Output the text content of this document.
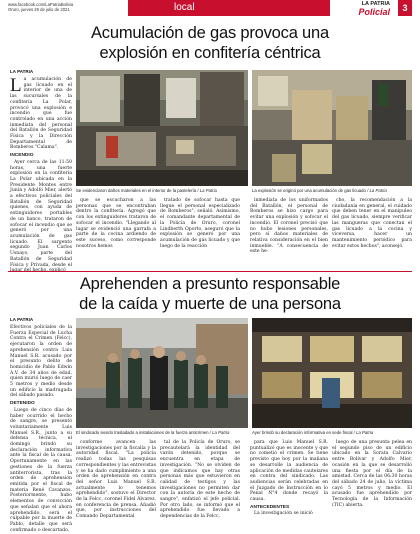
www.facebook.com/LaPatriaBolivia
Oruro, jueves 29 de julio de 2021	local	LA PATRIA
Policial	3
Acumulación de gas provoca una
explosión en confitería céntrica
LA PATRIA

La acumulación de gas licuado en el interior de una de las sucursales de la confitería La Polar, provocó una explosión e incendio que fue controlado en una acción inmediata del personal del Batallón de Seguridad Física y la Dirección Departamental de Bomberos "Calama".

INCENDIO

Ayer cerca de las 11:50 horas, una fuerte explosión en la confitería La Polar ubicada en la Presidente Montes entre Junín y Adolfo Mier, alertó a efectivos policiales del Batallón de Seguridad quienes, con ayuda de extinguidores portables de un banco, trataron de sofocar el incendio que se generó por una acumulación de gas licuado. El sargento segundo Juan Carlos Usnayo, parte del Batallón de Seguridad Física y Privada, desde el

Se evidenciaron daños materiales en el interior de la pastelería / La Patria	La explosión se originó por una acumulación de gas licuado / La Patria

que se escucharon a las personas que se encontraban dentro la confitería. Agregó que con los extinguidores trataron de sofocar el incendio. "Llegando al lugar se evidenció una garrafa a parte de la cocina ardiendo de este suceso, como corresponde nosotros hemos

tratado de sofocar hasta que llegue el personal especializado de Bomberos", señaló. Asimismo, el comandante departamental de la Policía de Oruro, coronel Lindberth Oporto, aseguró que la explosión se generó por una acumulación de gas licuado y que luego de la reacción

inmediata de los uniformados del Batallón, el personal de Bomberos se hizo cargo para evitar una explosión y sofocar el incendio. El coronel precisó que no hubo lesiones personales, pero sí daños materiales de relativa consideración en el bien inmueble. "A consecuencia de este he-

cho, la recomendación a la ciudadanía en general, el cuidado que deben tener en el manipuleo del gas licuado, siempre verificar las mangueras que conectan el gas licuado a la cocina y viceversa, hacer un mantenimiento periódico para evitar estos hechos", aconsejó.

Aprehenden a presunto responsable
de la caída y muerte de una persona
LA PATRIA

Efectivos policiales de la Fuerza Especial de Lucha Contra el Crimen (Felcc), ejecutaron la orden de aprehensión contra Luis Manuel S.R. acusado por el presunto delito de homicidio de Pablo Edwin A.V. de 34 años de edad, quien murió luego de caer 5 metros y medio desde un edificio la madrugada del sábado pasado.

DETENIDO

Luego de cinco días de haber ocurrido el hecho de sangre, se presentó voluntariamente Luis Manuel S.R., junto a su defensa técnica, el domingo brindó su declaración informativa ante la fiscal de la causa. Oportunamente en las gestiones de la fuerza antiterrorista, tras la orden de aprehensión emitida por el fiscal de materia René Cavanzos. Posteriormente, hubo elementos de convicción que señalan que el ahora aprehendido, será el culpable por la muerte de Pablo, detalle que será confirmado o descartado,

El sindicado siendo trasladado a instalaciones de la fuerza anticrimen / La Patria	Ayer brindó su declaración informativa en sede fiscal / La Patria

conforme avancen las investigaciones por la fiscalía y la autoridad fiscal. "La policía realizó todas las pesquisas correspondientes y las entrevistas y se ha dado cumplimiento a una orden de aprehensión en contra del señor Luis Manuel S.R. actualmente lo tenemos aprehendido", sostuvo el Director de la Felcc, coronel Fidel Álvarez, en conferencia de prensa. Añadió que, por instrucciones del Comando Departamental

tal de la Policía de Oruro, se precautelará la identidad del varón detenido, porque se encuentra en etapa de investigación. "No se olviden de que indicamos que hay otras personas más que estuvieron en calidad de testigos y las investigaciones no permiten dar con la autoría de este hecho de sangre", enfatizó el jefe policial. Por otro lado, se informó que el aprehendido fue llevado a dependencias de la Felcc,

para que Luis Manuel S.R. puntualizó que es inocente y que no cometió el crimen. Se tiene previsto que hoy por la mañana se desarrolle la audiencia de aplicación de medidas cautelares en contra del sindicado. Las audiencias serán celebradas en el Juzgado de Instrucción en lo Penal N°4 donde recayó la causa.

ANTECEDENTES

La investigación se inició

luego de una presunta pelea en el segundo piso de un edificio ubicado en la Sorata Calvario entre Bolívar y Adolfo Mier, ocasión en la que se desarrolló una fiesta por el día de la amistad. Cerca de las 06:30 horas del sábado 24 de julio, la víctima cayó 5 metros y medio. El acusado fue aprehendido por Tecnología de la Información (TIC) abierta.
